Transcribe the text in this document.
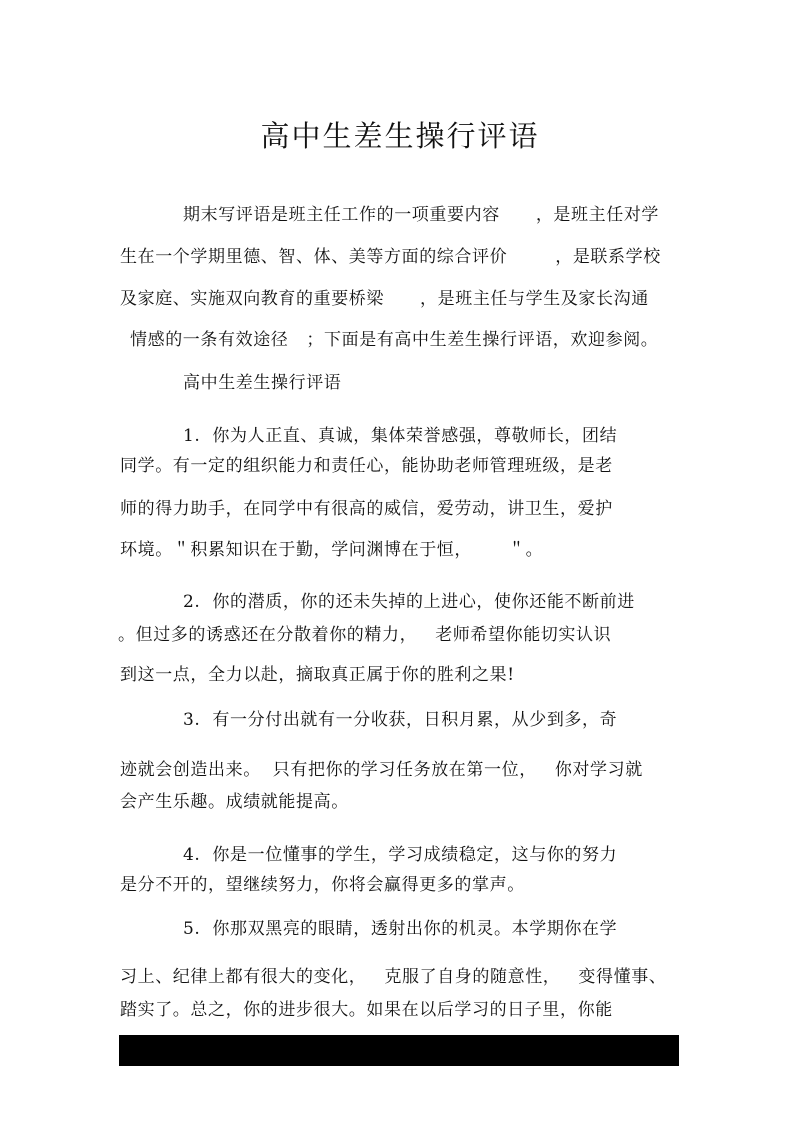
高中生差生操行评语
期末写评语是班主任工作的一项重要内容      ，是班主任对学
生在一个学期里德、智、体、美等方面的综合评价        ，是联系学校
及家庭、实施双向教育的重要桥梁      ，是班主任与学生及家长沟通
情感的一条有效途径   ；下面是有高中生差生操行评语，欢迎参阅。
高中生差生操行评语
1.  你为人正直、真诚，集体荣誉感强，尊敬师长，团结
同学。有一定的组织能力和责任心，能协助老师管理班级，是老
师的得力助手，在同学中有很高的威信，爱劳动，讲卫生，爱护
环境。＂积累知识在于勤，学问渊博在于恒，      ＂。
2.  你的潜质，你的还未失掉的上进心，使你还能不断前进
。但过多的诱惑还在分散着你的精力，   老师希望你能切实认识
到这一点，全力以赴，摘取真正属于你的胜利之果!
3.  有一分付出就有一分收获，日积月累，从少到多，奇
迹就会创造出来。  只有把你的学习任务放在第一位，   你对学习就
会产生乐趣。成绩就能提高。
4.  你是一位懂事的学生，学习成绩稳定，这与你的努力
是分不开的，望继续努力，你将会赢得更多的掌声。
5.  你那双黑亮的眼睛，透射出你的机灵。本学期你在学
习上、纪律上都有很大的变化，   克服了自身的随意性，   变得懂事、
踏实了。总之，你的进步很大。如果在以后学习的日子里，你能
